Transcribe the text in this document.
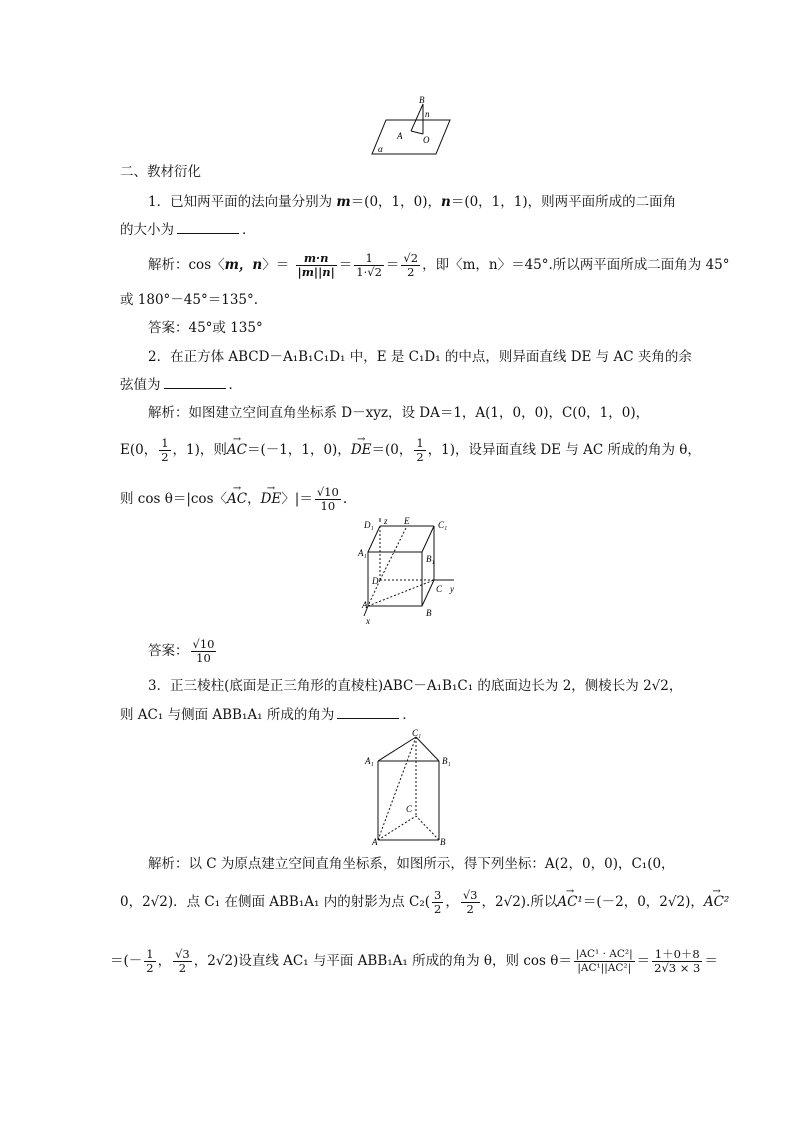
B
n
A O
α
二、教材衍化
1．已知两平面的法向量分别为 m＝(0，1，0)，n＝(0，1，1)，则两平面所成的二面角
的大小为	．
解析：cos〈m，n〉＝ $\frac{m\cdot n}{|m||n|} = \frac{1}{1\cdot√2} = \frac{√2}{2}$ ，即〈m，n〉＝45°.所以两平面所成二面角为 45°
或 180°－45°＝135°.
答案：45°或 135°
2．在正方体 ABCD－A₁B₁C₁D₁ 中，E 是 C₁D₁ 的中点，则异面直线 DE 与 AC 夹角的余
弦值为	．
解析：如图建立空间直角坐标系 D－xyz，设 DA＝1，A(1，0，0)，C(0，1，0)，
E(0， $\frac{1}{2}$ ，1)，则→ AC＝(－1，1，0)，→ DE＝(0， $\frac{1}{2}$ ，1)，设异面直线 DE 与 AC 所成的角为 θ，
则 cos θ＝|cos〈→ AC，→ DE〉|＝ $\frac{√10}{10}$ .
D₁ z E	C₁
A₁
B₁
D
C y
A
B
x
答案： $\frac{√10}{10}$
3．正三棱柱(底面是正三角形的直棱柱)ABC－A₁B₁C₁ 的底面边长为 2，侧棱长为 2√2，
则 AC₁ 与侧面 ABB₁A₁ 所成的角为	．
C₁
A₁	B₁
C
A	B
解析：以 C 为原点建立空间直角坐标系，如图所示，得下列坐标：A(2，0，0)，C₁(0，
0，2√2)．点 C₁ 在侧面 ABB₁A₁ 内的射影为点 $C_2( \frac{3}{2}$ ， $\frac{√3}{2}$ ，2√2).所以→ AC¹＝(－2，0，2√2)，→ AC²
＝(－ $\frac{1}{2}$ ， $\frac{√3}{2}$ ，2√2)设直线 AC₁ 与平面 ABB₁A₁ 所成的角为 θ，则 $\cos \theta= \frac{\text{|AC¹ · AC²|}}{\text{|AC¹||AC²|}} = \frac{1+0+8}{2√3 \times 3}$ ＝
